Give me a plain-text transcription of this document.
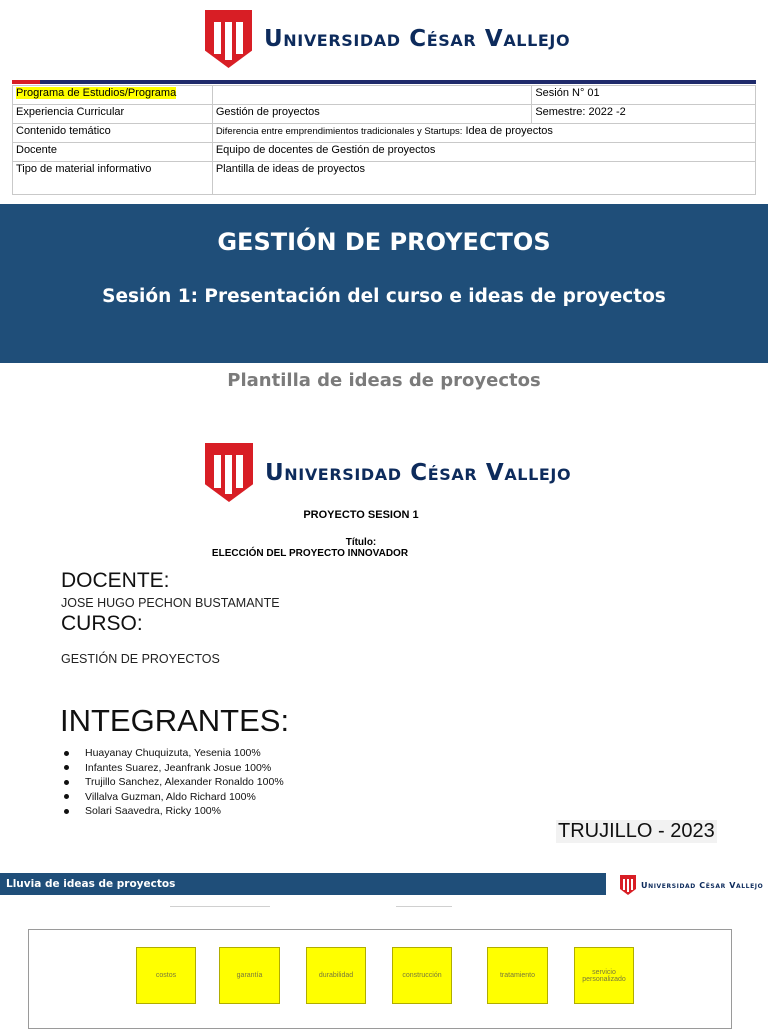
Universidad César Vallejo
Programa de Estudios/Programa		Sesión N° 01
Experiencia Curricular	Gestión de proyectos	Semestre: 2022 -2
Contenido temático	Diferencia entre emprendimientos tradicionales y Startups: Idea de proyectos	
Docente	Equipo de docentes de Gestión de proyectos	
Tipo de material informativo	Plantilla de ideas de proyectos	
GESTIÓN DE PROYECTOS
Sesión 1: Presentación del curso e ideas de proyectos
Plantilla de ideas de proyectos
Universidad César Vallejo
PROYECTO SESION 1
Título:
ELECCIÓN DEL PROYECTO INNOVADOR
DOCENTE:
JOSE HUGO PECHON BUSTAMANTE
CURSO:
GESTIÓN DE PROYECTOS
INTEGRANTES:
Huayanay Chuquizuta, Yesenia 100%
Infantes Suarez, Jeanfrank Josue 100%
Trujillo Sanchez, Alexander Ronaldo 100%
Villalva Guzman, Aldo Richard 100%
Solari Saavedra, Ricky 100%
TRUJILLO - 2023
Lluvia de ideas de proyectos	Universidad César Vallejo
costos	garantía	durabilidad	construcción	tratamiento	servicio personalizado
